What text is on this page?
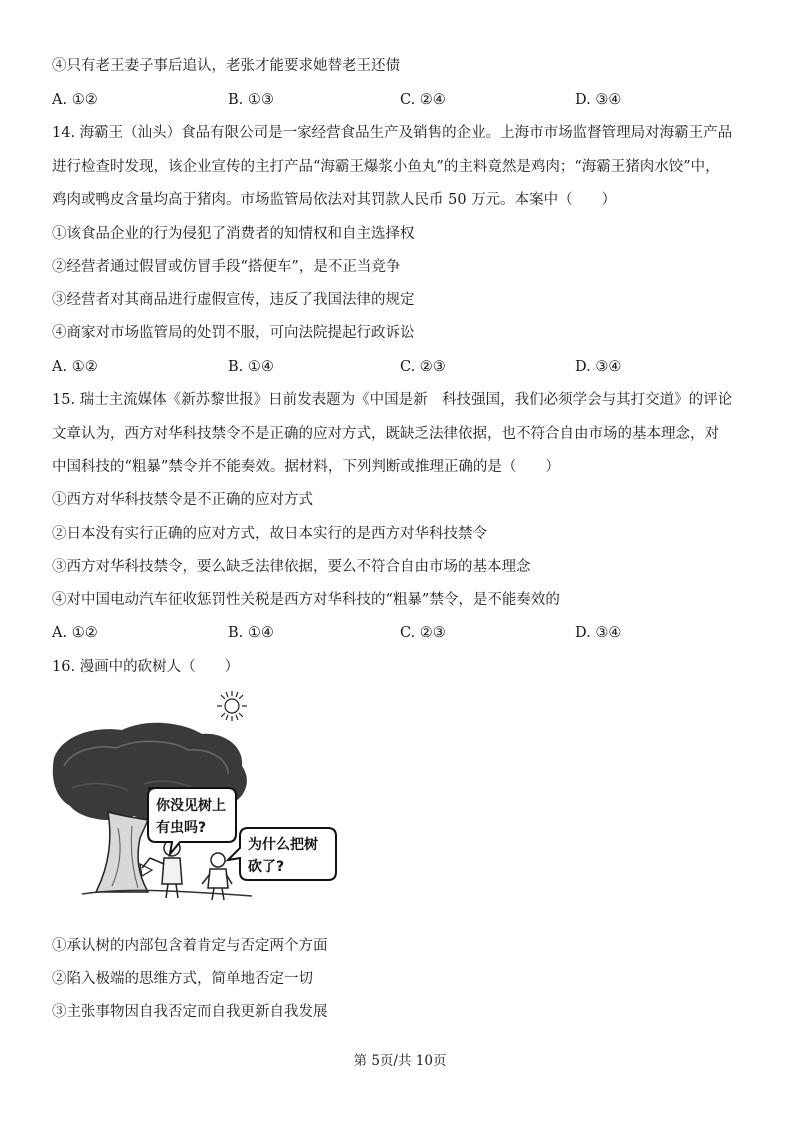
④只有老王妻子事后追认，老张才能要求她替老王还债
A. ①②	B. ①③	C. ②④	D. ③④
14. 海霸王（汕头）食品有限公司是一家经营食品生产及销售的企业。上海市市场监督管理局对海霸王产品
进行检查时发现，该企业宣传的主打产品“海霸王爆浆小鱼丸”的主料竟然是鸡肉；“海霸王猪肉水饺”中，
鸡肉或鸭皮含量均高于猪肉。市场监管局依法对其罚款人民币 50 万元。本案中（　　）
①该食品企业的行为侵犯了消费者的知情权和自主选择权
②经营者通过假冒或仿冒手段“搭便车”，是不正当竞争
③经营者对其商品进行虚假宣传，违反了我国法律的规定
④商家对市场监管局的处罚不服，可向法院提起行政诉讼
A. ①②	B. ①④	C. ②③	D. ③④
15. 瑞士主流媒体《新苏黎世报》日前发表题为《中国是新　科技强国，我们必须学会与其打交道》的评论
文章认为，西方对华科技禁令不是正确的应对方式，既缺乏法律依据，也不符合自由市场的基本理念，对
中国科技的“粗暴”禁令并不能奏效。据材料，下列判断或推理正确的是（　　）
①西方对华科技禁令是不正确的应对方式
②日本没有实行正确的应对方式，故日本实行的是西方对华科技禁令
③西方对华科技禁令，要么缺乏法律依据，要么不符合自由市场的基本理念
④对中国电动汽车征收惩罚性关税是西方对华科技的“粗暴”禁令，是不能奏效的
A. ①②	B. ①④	C. ②③	D. ③④
16. 漫画中的砍树人（　　）
你没见树上
有虫吗?
为什么把树
砍了?
①承认树的内部包含着肯定与否定两个方面
②陷入极端的思维方式，简单地否定一切
③主张事物因自我否定而自我更新自我发展
第 5页/共 10页
